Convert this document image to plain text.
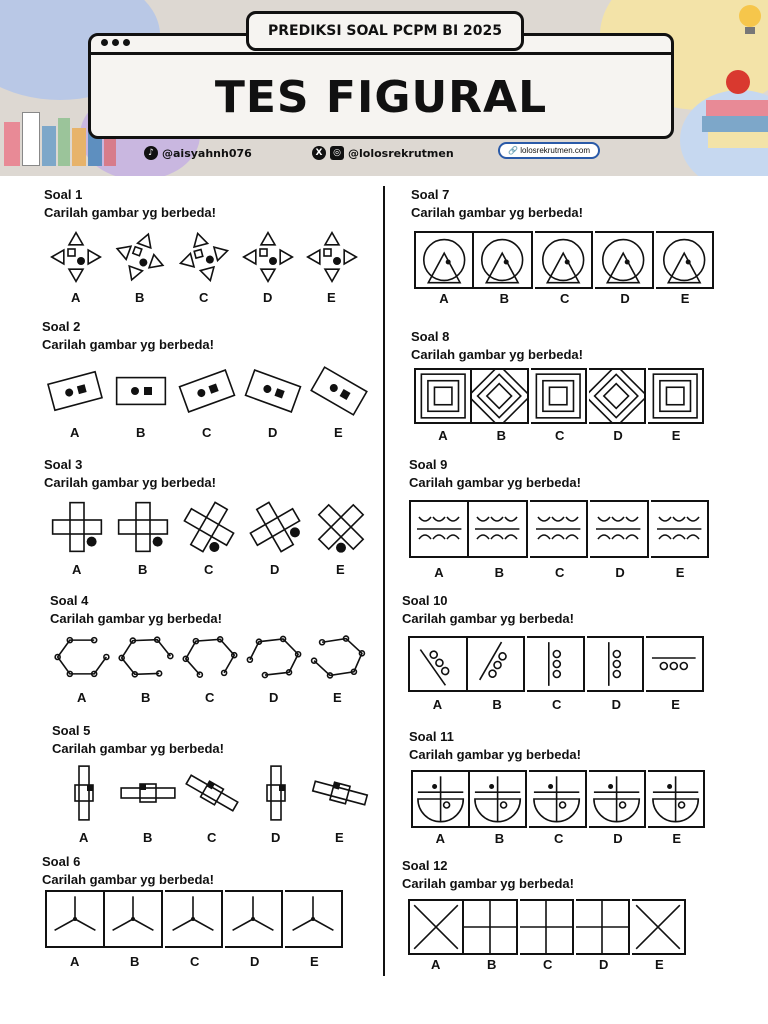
TES FIGURAL
PREDIKSI SOAL PCPM BI 2025
♪ @aisyahnh076	X	◎ @lolosrekrutmen	🔗 lolosrekrutmen.com
Soal 1
Carilah gambar yg berbeda!
A	B	C	D	E
Soal 2
Carilah gambar yg berbeda!
A	B	C	D	E
Soal 3
Carilah gambar yg berbeda!
A	B	C	D	E
Soal 4
Carilah gambar yg berbeda!
A	B	C	D	E
Soal 5
Carilah gambar yg berbeda!
A	B	C	D	E
Soal 6
Carilah gambar yg berbeda!
A	B	C	D	E
Soal 7
Carilah gambar yg berbeda!
A	B	C	D	E
Soal 8
Carilah gambar yg berbeda!
A	B	C	D	E
Soal 9
Carilah gambar yg berbeda!
A	B	C	D	E
Soal 10
Carilah gambar yg berbeda!
A	B	C	D	E
Soal 11
Carilah gambar yg berbeda!
A	B	C	D	E
Soal 12
Carilah gambar yg berbeda!
A	B	C	D	E
